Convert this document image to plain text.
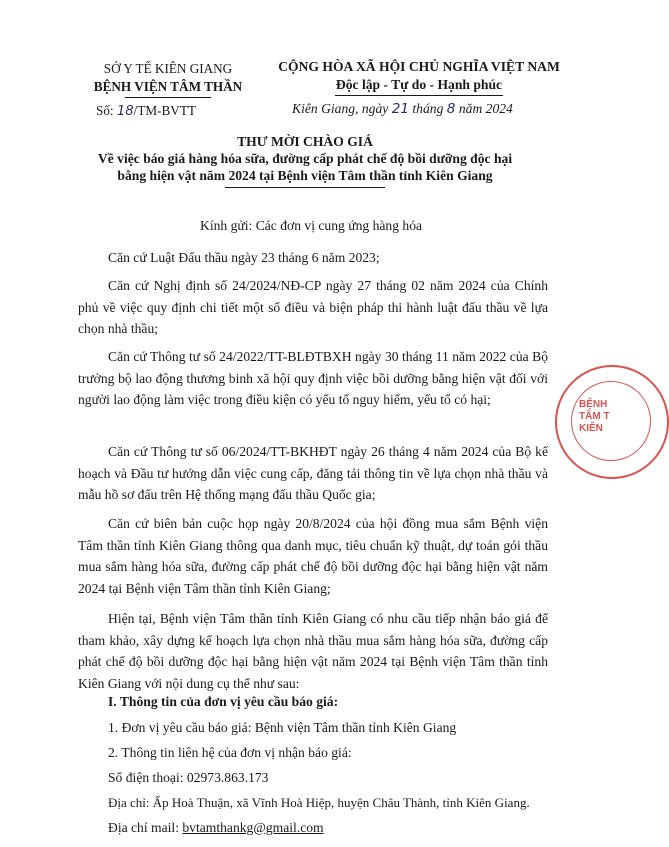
SỞ Y TẾ KIÊN GIANG
BỆNH VIỆN TÂM THẦN
Số: 18/TM-BVTT
CỘNG HÒA XÃ HỘI CHỦ NGHĨA VIỆT NAM
Độc lập - Tự do - Hạnh phúc
Kiên Giang, ngày 21 tháng 8 năm 2024
THƯ MỜI CHÀO GIÁ
Về việc báo giá hàng hóa sữa, đường cấp phát chế độ bồi dưỡng độc hại
bằng hiện vật năm 2024 tại Bệnh viện Tâm thần tỉnh Kiên Giang
Kính gửi: Các đơn vị cung ứng hàng hóa
Căn cứ Luật Đấu thầu ngày 23 tháng 6 năm 2023;
Căn cứ Nghị định số 24/2024/NĐ-CP ngày 27 tháng 02 năm 2024 của Chính phủ về việc quy định chi tiết một số điều và biện pháp thi hành luật đấu thầu về lựa chọn nhà thầu;
Căn cứ Thông tư số 24/2022/TT-BLĐTBXH ngày 30 tháng 11 năm 2022 của Bộ trưởng bộ lao động thương binh xã hội quy định việc bồi dưỡng bằng hiện vật đối với người lao động làm việc trong điều kiện có yếu tố nguy hiểm, yếu tố có hại;
Căn cứ Thông tư số 06/2024/TT-BKHĐT ngày 26 tháng 4 năm 2024 của Bộ kế hoạch và Đầu tư hướng dẫn việc cung cấp, đăng tải thông tin về lựa chọn nhà thầu và mẫu hồ sơ đấu trên Hệ thống mạng đấu thầu Quốc gia;
Căn cứ biên bản cuộc họp ngày 20/8/2024 của hội đồng mua sắm Bệnh viện Tâm thần tỉnh Kiên Giang thông qua danh mục, tiêu chuẩn kỹ thuật, dự toán gói thầu mua sắm hàng hóa sữa, đường cấp phát chế độ bồi dưỡng độc hại bằng hiện vật năm 2024 tại Bệnh viện Tâm thần tỉnh Kiên Giang;
Hiện tại, Bệnh viện Tâm thần tỉnh Kiên Giang có nhu cầu tiếp nhận báo giá để tham khảo, xây dựng kế hoạch lựa chọn nhà thầu mua sắm hàng hóa sữa, đường cấp phát chế độ bồi dưỡng độc hại bằng hiện vật năm 2024 tại Bệnh viện Tâm thần tỉnh Kiên Giang với nội dung cụ thể như sau:
I. Thông tin của đơn vị yêu cầu báo giá:
1. Đơn vị yêu cầu báo giá: Bệnh viện Tâm thần tỉnh Kiên Giang
2. Thông tin liên hệ của đơn vị nhận báo giá:
Số điện thoại: 02973.863.173
Địa chỉ: Ấp Hoà Thuận, xã Vĩnh Hoà Hiệp, huyện Châu Thành, tỉnh Kiên Giang.
BỆNH
TÂM T
KIÊN
Địa chỉ mail: bvtamthankg@gmail.com
